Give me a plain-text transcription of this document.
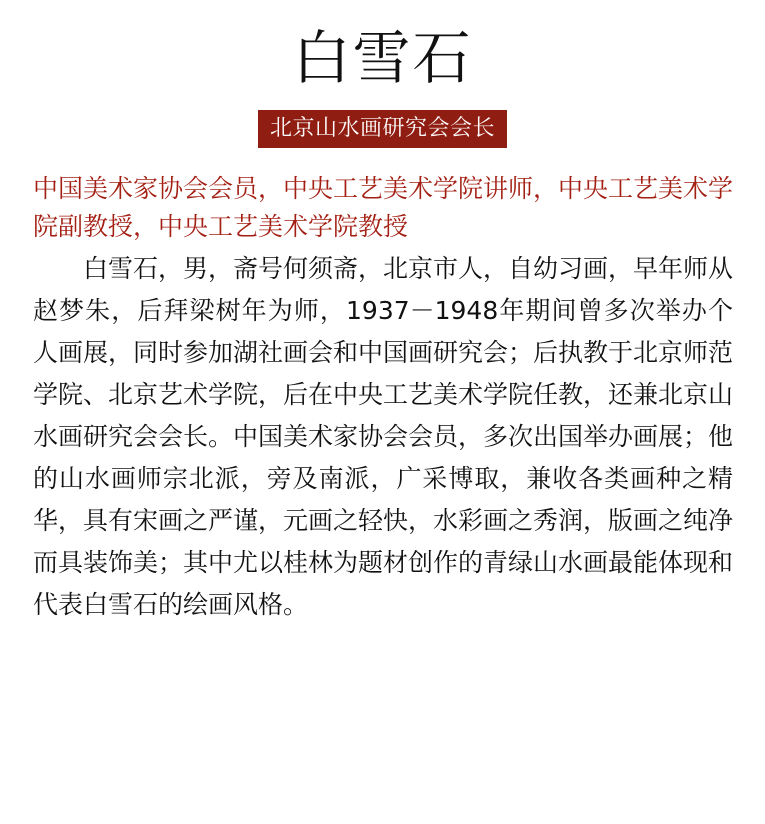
白雪石
北京山水画研究会会长
中国美术家协会会员，中央工艺美术学院讲师，中央工艺美术学院副教授，中央工艺美术学院教授
白雪石，男，斋号何须斋，北京市人，自幼习画，早年师从赵梦朱，后拜梁树年为师，1937－1948年期间曾多次举办个人画展，同时参加湖社画会和中国画研究会；后执教于北京师范学院、北京艺术学院，后在中央工艺美术学院任教，还兼北京山水画研究会会长。中国美术家协会会员，多次出国举办画展；他的山水画师宗北派，旁及南派，广采博取，兼收各类画种之精华，具有宋画之严谨，元画之轻快，水彩画之秀润，版画之纯净而具装饰美；其中尤以桂林为题材创作的青绿山水画最能体现和代表白雪石的绘画风格。
